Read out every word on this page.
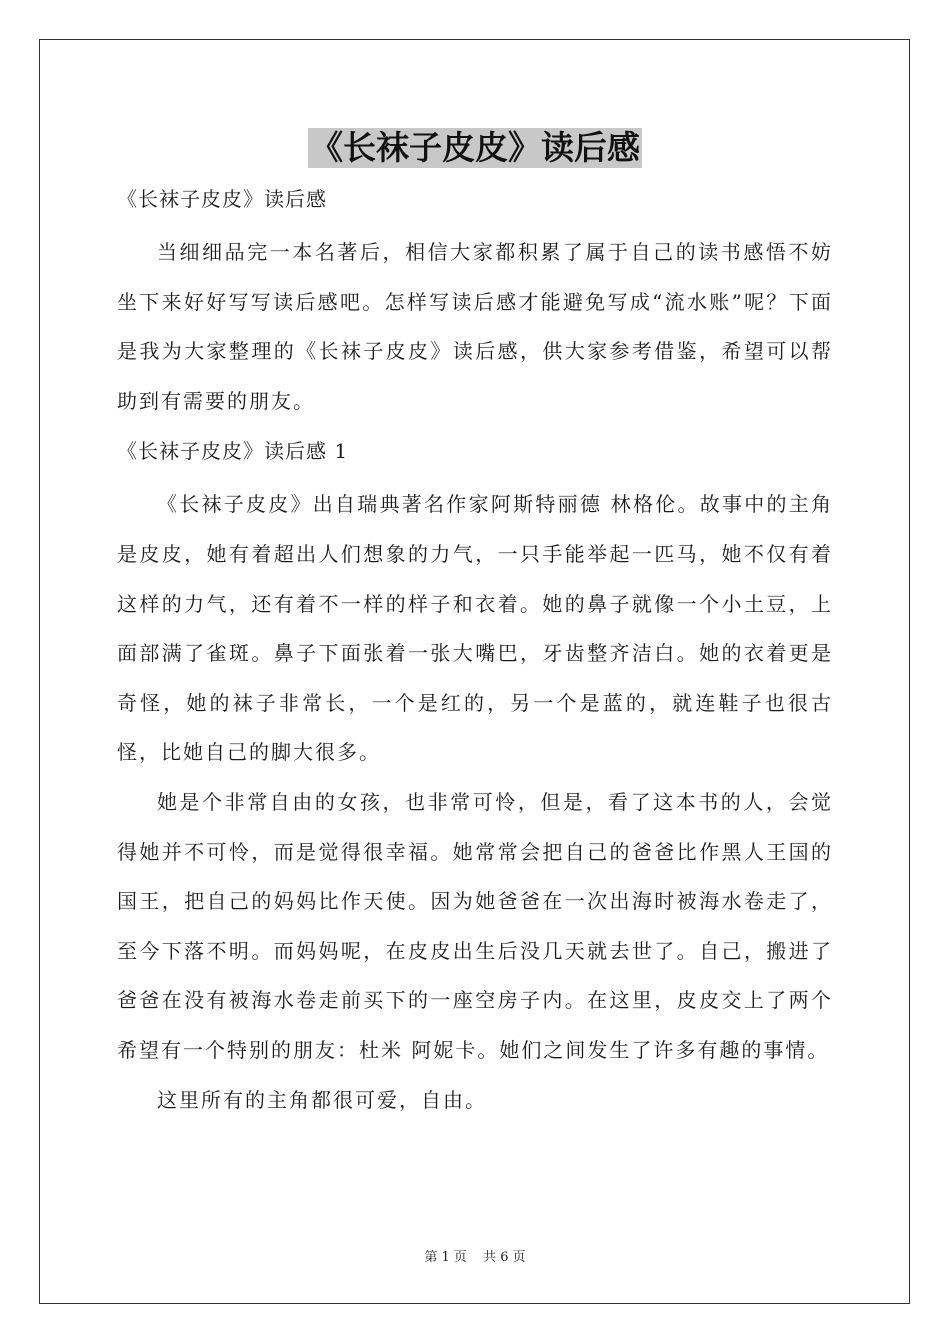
《长袜子皮皮》读后感

《长袜子皮皮》读后感

当细细品完一本名著后，相信大家都积累了属于自己的读书感悟不妨坐下来好好写写读后感吧。怎样写读后感才能避免写成“流水账”呢？下面是我为大家整理的《长袜子皮皮》读后感，供大家参考借鉴，希望可以帮助到有需要的朋友。

《长袜子皮皮》读后感 1

《长袜子皮皮》出自瑞典著名作家阿斯特丽德 林格伦。故事中的主角是皮皮，她有着超出人们想象的力气，一只手能举起一匹马，她不仅有着这样的力气，还有着不一样的样子和衣着。她的鼻子就像一个小土豆，上面部满了雀斑。鼻子下面张着一张大嘴巴，牙齿整齐洁白。她的衣着更是奇怪，她的袜子非常长，一个是红的，另一个是蓝的，就连鞋子也很古怪，比她自己的脚大很多。

她是个非常自由的女孩，也非常可怜，但是，看了这本书的人，会觉得她并不可怜，而是觉得很幸福。她常常会把自己的爸爸比作黑人王国的国王，把自己的妈妈比作天使。因为她爸爸在一次出海时被海水卷走了，至今下落不明。而妈妈呢，在皮皮出生后没几天就去世了。自己，搬进了爸爸在没有被海水卷走前买下的一座空房子内。在这里，皮皮交上了两个希望有一个特别的朋友：杜米 阿妮卡。她们之间发生了许多有趣的事情。

这里所有的主角都很可爱，自由。

第 1 页 共 6 页
